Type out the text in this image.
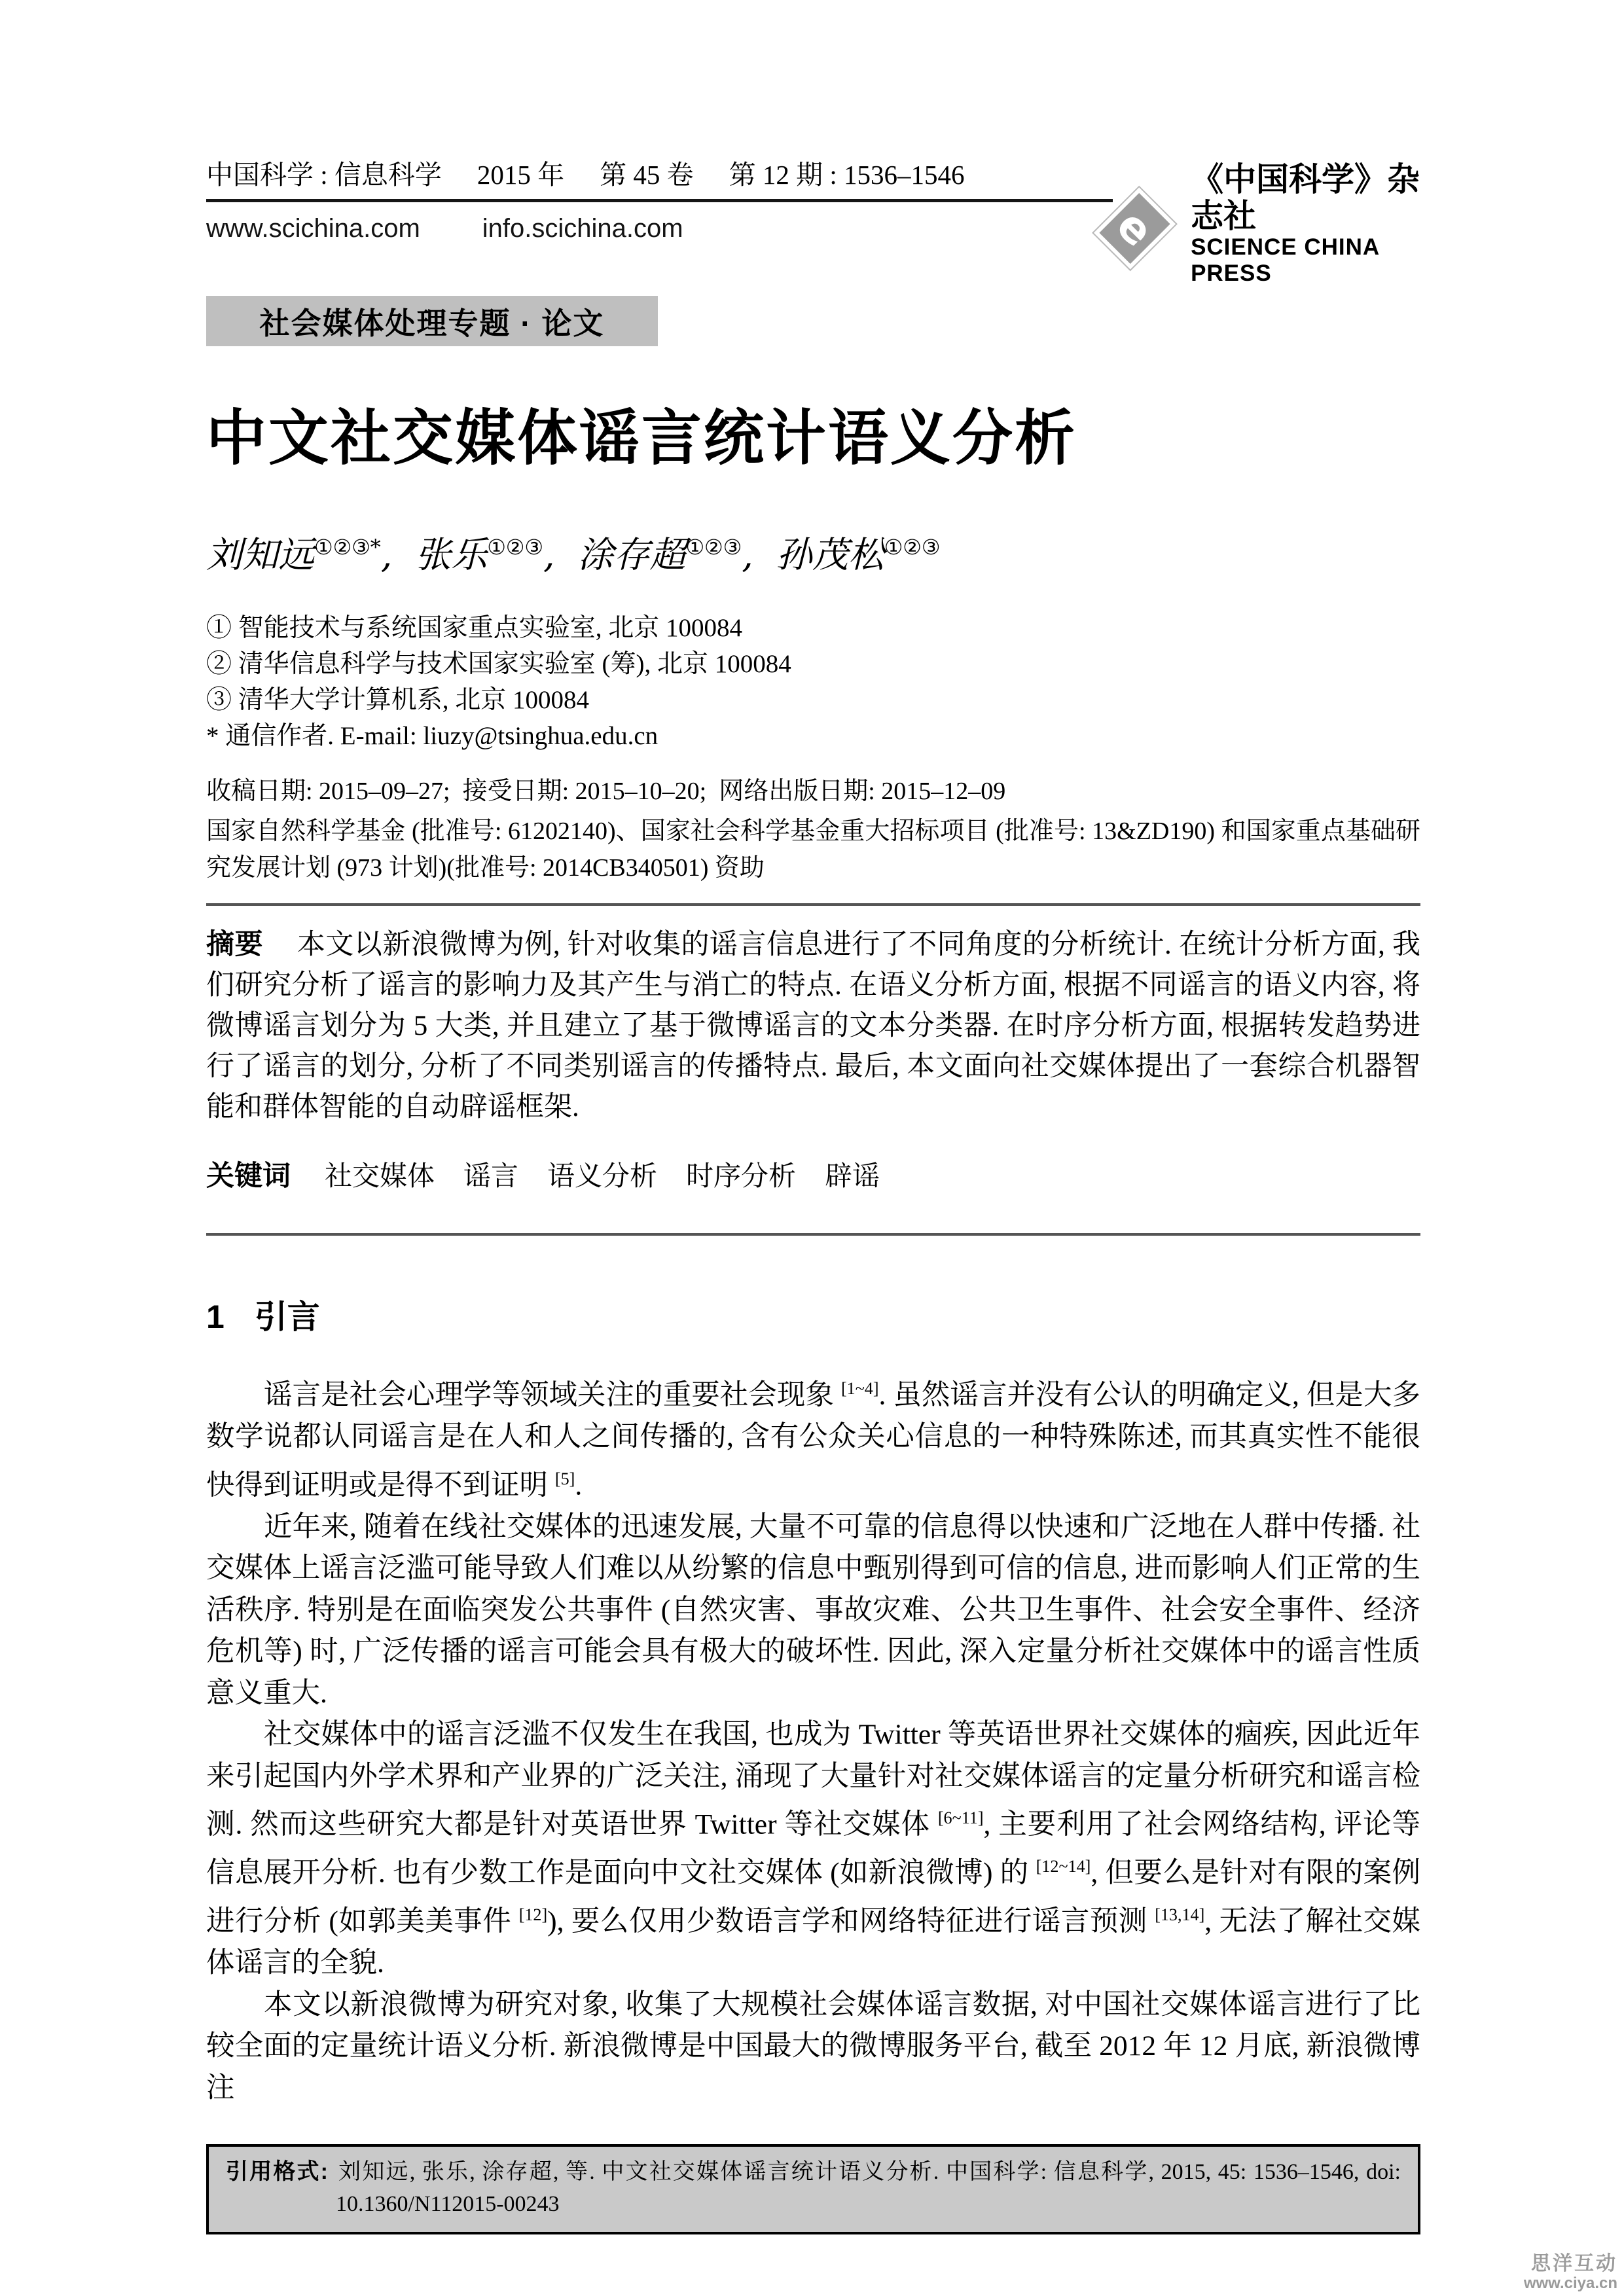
中国科学 : 信息科学 2015 年 第 45 卷 第 12 期 : 1536–1546
www.scichina.com info.scichina.com	e
《中国科学》杂志社
SCIENCE CHINA PRESS
社会媒体处理专题 · 论文
中文社交媒体谣言统计语义分析
刘知远①②③*,  张乐①②③,  涂存超①②③,  孙茂松①②③
① 智能技术与系统国家重点实验室, 北京 100084
② 清华信息科学与技术国家实验室 (筹), 北京 100084
③ 清华大学计算机系, 北京 100084
* 通信作者. E-mail: liuzy@tsinghua.edu.cn
收稿日期: 2015–09–27;  接受日期: 2015–10–20;  网络出版日期: 2015–12–09
国家自然科学基金 (批准号: 61202140)、国家社会科学基金重大招标项目 (批准号: 13&ZD190) 和国家重点基础研究发展计划 (973 计划)(批准号: 2014CB340501) 资助
摘要 本文以新浪微博为例, 针对收集的谣言信息进行了不同角度的分析统计. 在统计分析方面, 我们研究分析了谣言的影响力及其产生与消亡的特点. 在语义分析方面, 根据不同谣言的语义内容, 将微博谣言划分为 5 大类, 并且建立了基于微博谣言的文本分类器. 在时序分析方面, 根据转发趋势进行了谣言的划分, 分析了不同类别谣言的传播特点. 最后, 本文面向社交媒体提出了一套综合机器智能和群体智能的自动辟谣框架.
关键词 社交媒体 谣言 语义分析 时序分析 辟谣
1 引言

谣言是社会心理学等领域关注的重要社会现象 [1~4]. 虽然谣言并没有公认的明确定义, 但是大多数学说都认同谣言是在人和人之间传播的, 含有公众关心信息的一种特殊陈述, 而其真实性不能很快得到证明或是得不到证明 [5].

近年来, 随着在线社交媒体的迅速发展, 大量不可靠的信息得以快速和广泛地在人群中传播. 社交媒体上谣言泛滥可能导致人们难以从纷繁的信息中甄别得到可信的信息, 进而影响人们正常的生活秩序. 特别是在面临突发公共事件 (自然灾害、事故灾难、公共卫生事件、社会安全事件、经济危机等) 时, 广泛传播的谣言可能会具有极大的破坏性. 因此, 深入定量分析社交媒体中的谣言性质意义重大.

社交媒体中的谣言泛滥不仅发生在我国, 也成为 Twitter 等英语世界社交媒体的痼疾, 因此近年来引起国内外学术界和产业界的广泛关注, 涌现了大量针对社交媒体谣言的定量分析研究和谣言检测. 然而这些研究大都是针对英语世界 Twitter 等社交媒体 [6~11], 主要利用了社会网络结构, 评论等信息展开分析. 也有少数工作是面向中文社交媒体 (如新浪微博) 的 [12~14], 但要么是针对有限的案例进行分析 (如郭美美事件 [12]), 要么仅用少数语言学和网络特征进行谣言预测 [13,14], 无法了解社交媒体谣言的全貌.

本文以新浪微博为研究对象, 收集了大规模社会媒体谣言数据, 对中国社交媒体谣言进行了比较全面的定量统计语义分析. 新浪微博是中国最大的微博服务平台, 截至 2012 年 12 月底, 新浪微博注

引用格式: 刘知远, 张乐, 涂存超, 等. 中文社交媒体谣言统计语义分析. 中国科学: 信息科学, 2015, 45: 1536–1546, doi: 10.1360/N112015-00243
思洋互动
www.ciya.cn
